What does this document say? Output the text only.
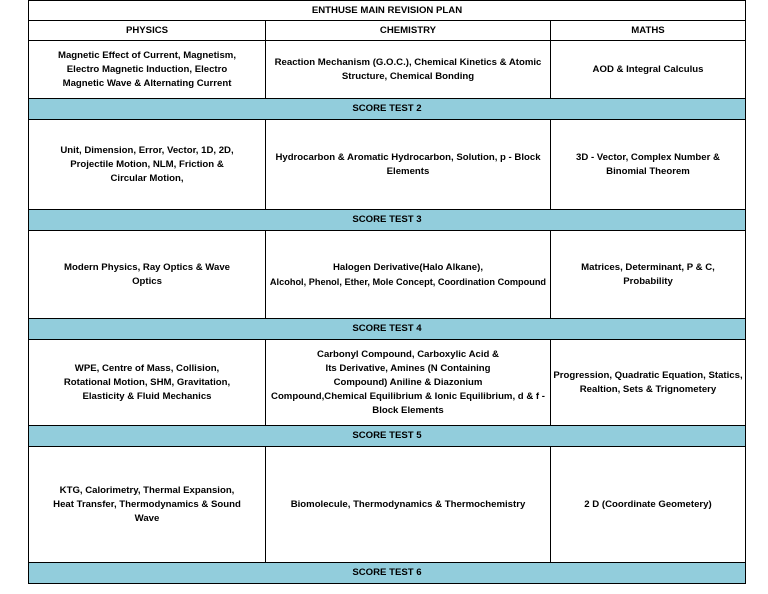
ENTHUSE MAIN REVISION PLAN		
PHYSICS	CHEMISTRY	MATHS

Magnetic Effect of Current, Magnetism,
Electro Magnetic Induction, Electro
Magnetic Wave & Alternating Current	Reaction Mechanism (G.O.C.), Chemical Kinetics & Atomic
Structure, Chemical Bonding	AOD & Integral Calculus

SCORE TEST 2		

Unit, Dimension, Error, Vector, 1D, 2D,
Projectile Motion, NLM, Friction &
Circular Motion,	Hydrocarbon & Aromatic Hydrocarbon, Solution, p - Block
Elements	3D - Vector, Complex Number &
Binomial Theorem

SCORE TEST 3		

Modern Physics, Ray Optics & Wave
Optics	Halogen Derivative(Halo Alkane),
Alcohol, Phenol, Ether, Mole Concept, Coordination Compound	Matrices, Determinant, P & C,
Probability

SCORE TEST 4		

WPE, Centre of Mass, Collision,
Rotational Motion, SHM, Gravitation,
Elasticity & Fluid Mechanics	Carbonyl Compound, Carboxylic Acid &
Its Derivative, Amines (N Containing
Compound) Aniline & Diazonium
Compound,Chemical Equilibrium & Ionic Equilibrium, d & f -
Block Elements	Progression, Quadratic Equation, Statics,
Realtion, Sets & Trignometery

SCORE TEST 5		

KTG, Calorimetry, Thermal Expansion,
Heat Transfer, Thermodynamics & Sound
Wave	Biomolecule, Thermodynamics & Thermochemistry	2 D (Coordinate Geometery)

SCORE TEST 6		
